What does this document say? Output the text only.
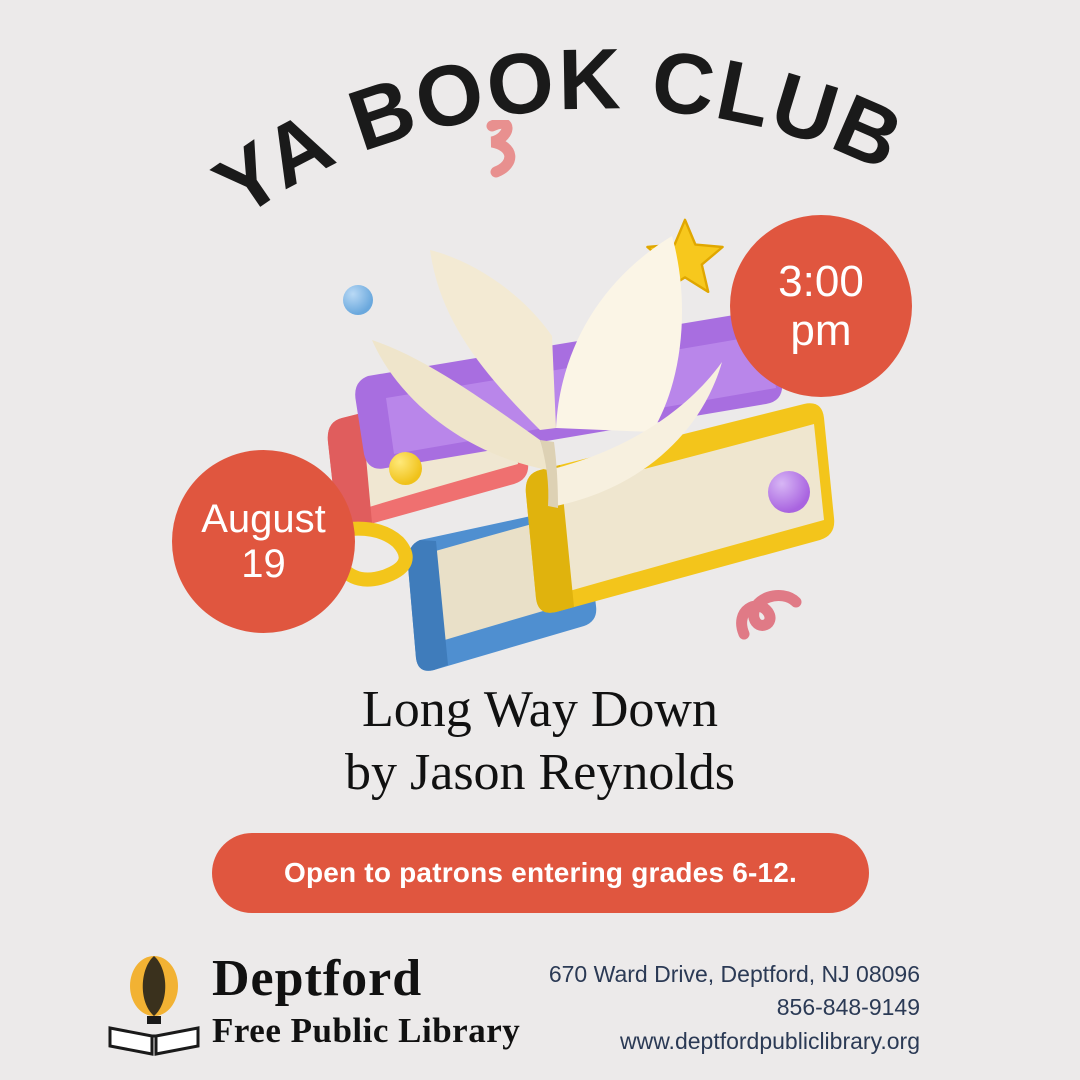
YA BOOK CLUB
3:00
pm
August
19
Long Way Down
by Jason Reynolds
Open to patrons entering grades 6-12.
Deptford
Free Public Library
670 Ward Drive, Deptford, NJ 08096
856-848-9149
www.deptfordpubliclibrary.org
